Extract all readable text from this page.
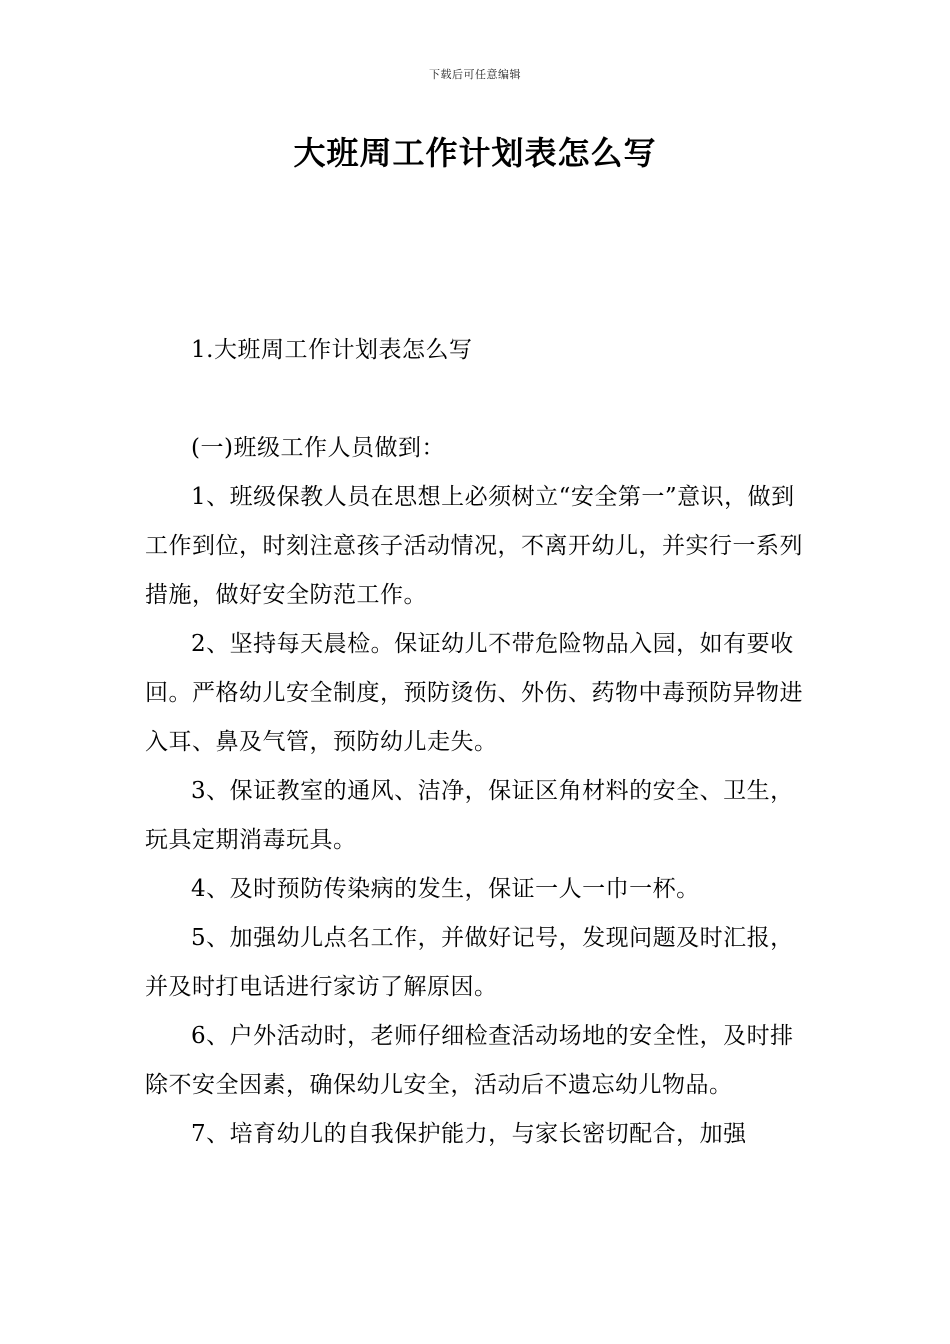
下载后可任意编辑
大班周工作计划表怎么写

1.大班周工作计划表怎么写

(一)班级工作人员做到：

1、班级保教人员在思想上必须树立“安全第一”意识，做到工作到位，时刻注意孩子活动情况，不离开幼儿，并实行一系列措施，做好安全防范工作。

2、坚持每天晨检。保证幼儿不带危险物品入园，如有要收回。严格幼儿安全制度，预防烫伤、外伤、药物中毒预防异物进入耳、鼻及气管，预防幼儿走失。

3、保证教室的通风、洁净，保证区角材料的安全、卫生，玩具定期消毒玩具。

4、及时预防传染病的发生，保证一人一巾一杯。

5、加强幼儿点名工作，并做好记号，发现问题及时汇报，并及时打电话进行家访了解原因。

6、户外活动时，老师仔细检查活动场地的安全性，及时排除不安全因素，确保幼儿安全，活动后不遗忘幼儿物品。

7、培育幼儿的自我保护能力，与家长密切配合，加强
